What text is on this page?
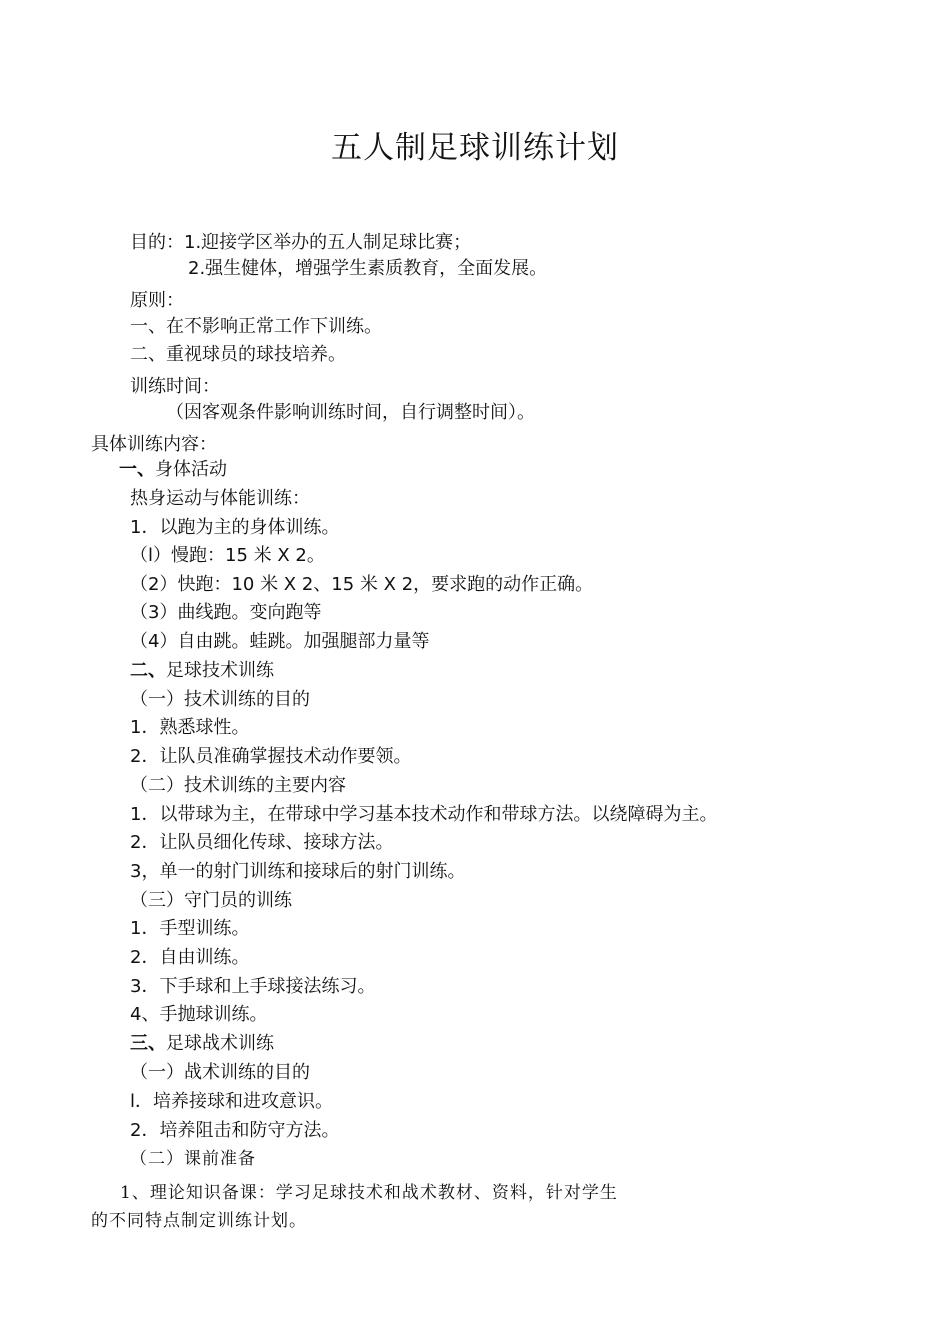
五人制足球训练计划
目的：1.迎接学区举办的五人制足球比赛；
2.强生健体，增强学生素质教育，全面发展。
原则：
一、在不影响正常工作下训练。
二、重视球员的球技培养。
训练时间：
（因客观条件影响训练时间，自行调整时间）。
具体训练内容：
一、身体活动
热身运动与体能训练：
1．以跑为主的身体训练。
（l）慢跑：15 米 X 2。
（2）快跑：10 米 X 2、15 米 X 2，要求跑的动作正确。
（3）曲线跑。变向跑等
（4）自由跳。蛙跳。加强腿部力量等
二、足球技术训练
（一）技术训练的目的
1．熟悉球性。
2．让队员准确掌握技术动作要领。
（二）技术训练的主要内容
1．以带球为主，在带球中学习基本技术动作和带球方法。以绕障碍为主。
2．让队员细化传球、接球方法。
3，单一的射门训练和接球后的射门训练。
（三）守门员的训练
1．手型训练。
2．自由训练。
3．下手球和上手球接法练习。
4、手抛球训练。
三、足球战术训练
（一）战术训练的目的
l．培养接球和进攻意识。
2．培养阻击和防守方法。
（二）课前准备
1、理论知识备课：学习足球技术和战术教材、资料，针对学生
的不同特点制定训练计划。
